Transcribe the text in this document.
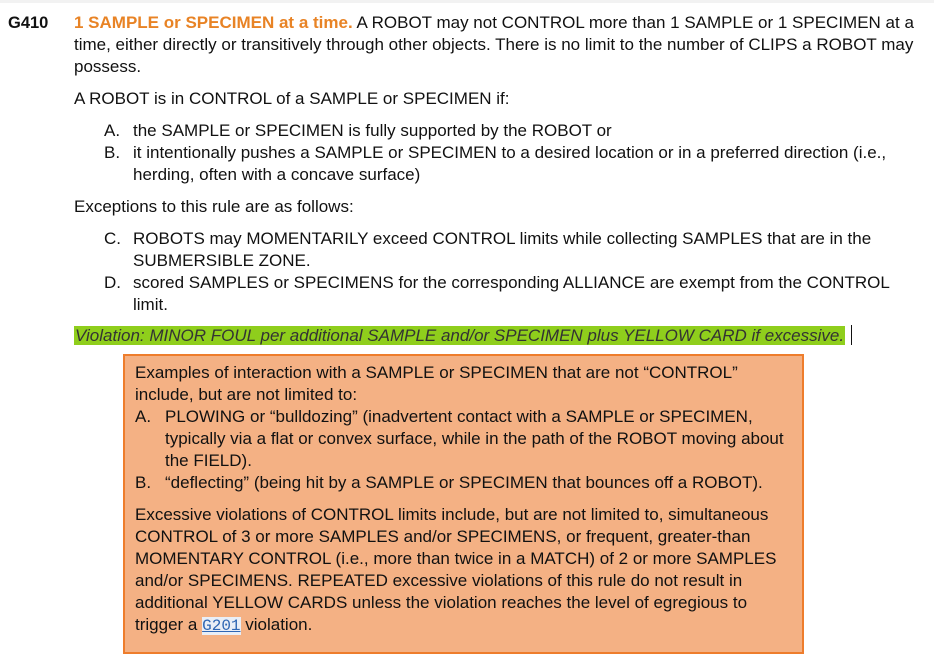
G410 1 SAMPLE or SPECIMEN at a time. A ROBOT may not CONTROL more than 1 SAMPLE or 1 SPECIMEN at a time, either directly or transitively through other objects. There is no limit to the number of CLIPS a ROBOT may possess.

A ROBOT is in CONTROL of a SAMPLE or SPECIMEN if:

A. the SAMPLE or SPECIMEN is fully supported by the ROBOT or
B. it intentionally pushes a SAMPLE or SPECIMEN to a desired location or in a preferred direction (i.e., herding, often with a concave surface)

Exceptions to this rule are as follows:

C. ROBOTS may MOMENTARILY exceed CONTROL limits while collecting SAMPLES that are in the SUBMERSIBLE ZONE.
D. scored SAMPLES or SPECIMENS for the corresponding ALLIANCE are exempt from the CONTROL limit.

Violation: MINOR FOUL per additional SAMPLE and/or SPECIMEN plus YELLOW CARD if excessive.

Examples of interaction with a SAMPLE or SPECIMEN that are not “CONTROL” include, but are not limited to:

A. PLOWING or “bulldozing” (inadvertent contact with a SAMPLE or SPECIMEN, typically via a flat or convex surface, while in the path of the ROBOT moving about the FIELD).
B. “deflecting” (being hit by a SAMPLE or SPECIMEN that bounces off a ROBOT).

Excessive violations of CONTROL limits include, but are not limited to, simultaneous CONTROL of 3 or more SAMPLES and/or SPECIMENS, or frequent, greater-than MOMENTARY CONTROL (i.e., more than twice in a MATCH) of 2 or more SAMPLES and/or SPECIMENS. REPEATED excessive violations of this rule do not result in additional YELLOW CARDS unless the violation reaches the level of egregious to trigger a G201 violation.
